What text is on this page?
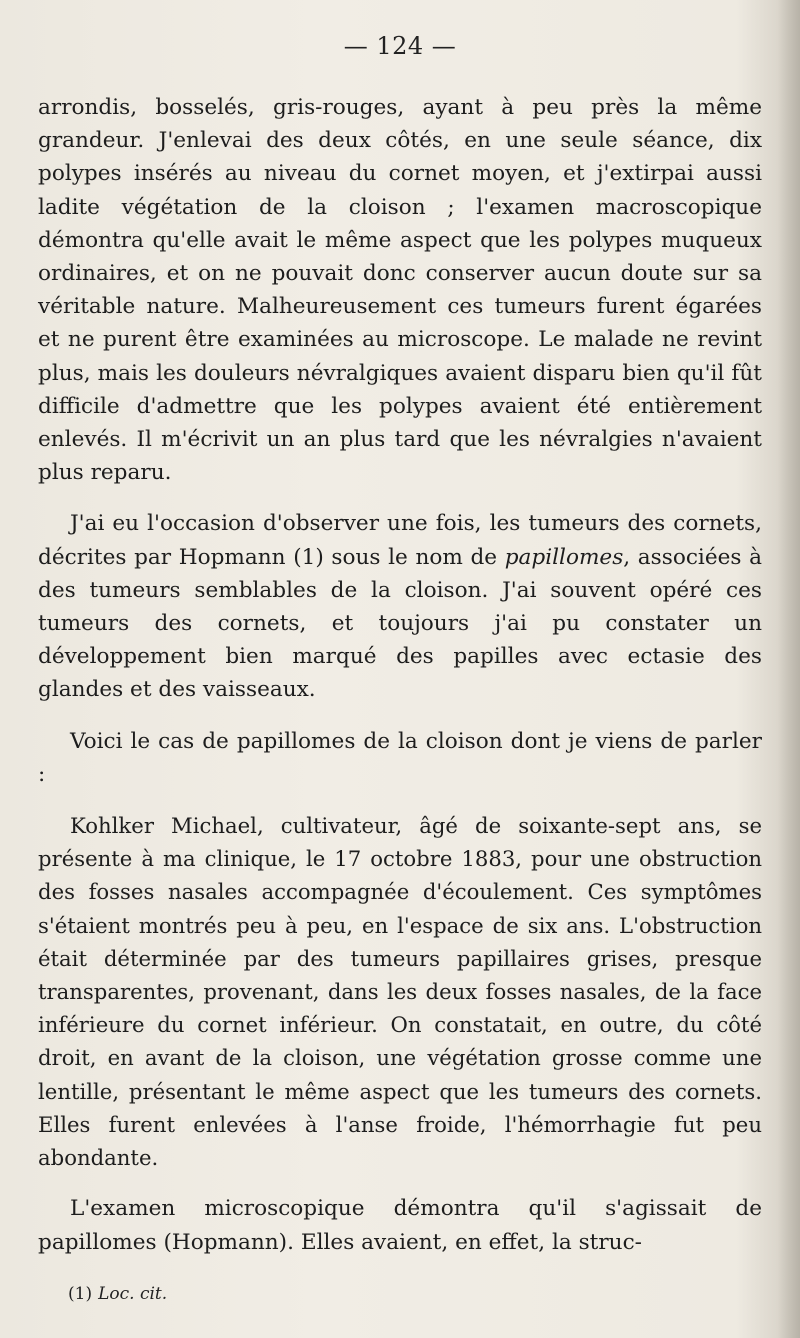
— 124 —

arrondis, bosselés, gris-rouges, ayant à peu près la même grandeur. J'enlevai des deux côtés, en une seule séance, dix polypes insérés au niveau du cornet moyen, et j'extirpai aussi ladite végétation de la cloison ; l'examen macroscopique démontra qu'elle avait le même aspect que les polypes muqueux ordinaires, et on ne pouvait donc conserver aucun doute sur sa véritable nature. Malheureusement ces tumeurs furent égarées et ne purent être examinées au microscope. Le malade ne revint plus, mais les douleurs névralgiques avaient disparu bien qu'il fût difficile d'admettre que les polypes avaient été entièrement enlevés. Il m'écrivit un an plus tard que les névralgies n'avaient plus reparu.

J'ai eu l'occasion d'observer une fois, les tumeurs des cornets, décrites par Hopmann (1) sous le nom de papillomes, associées à des tumeurs semblables de la cloison. J'ai souvent opéré ces tumeurs des cornets, et toujours j'ai pu constater un développement bien marqué des papilles avec ectasie des glandes et des vaisseaux.

Voici le cas de papillomes de la cloison dont je viens de parler :

Kohlker Michael, cultivateur, âgé de soixante-sept ans, se présente à ma clinique, le 17 octobre 1883, pour une obstruction des fosses nasales accompagnée d'écoulement. Ces symptômes s'étaient montrés peu à peu, en l'espace de six ans. L'obstruction était déterminée par des tumeurs papillaires grises, presque transparentes, provenant, dans les deux fosses nasales, de la face inférieure du cornet inférieur. On constatait, en outre, du côté droit, en avant de la cloison, une végétation grosse comme une lentille, présentant le même aspect que les tumeurs des cornets. Elles furent enlevées à l'anse froide, l'hémorrhagie fut peu abondante.

L'examen microscopique démontra qu'il s'agissait de papillomes (Hopmann). Elles avaient, en effet, la struc-

(1) Loc. cit.
